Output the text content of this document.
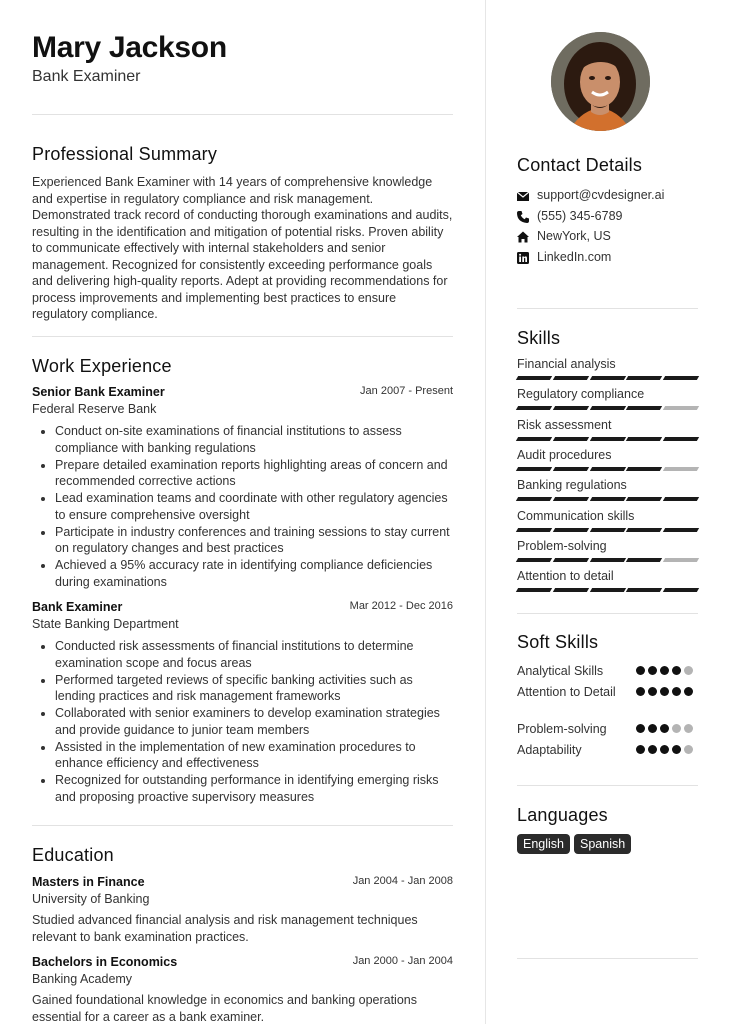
Mary Jackson
Bank Examiner
Professional Summary
Experienced Bank Examiner with 14 years of comprehensive knowledge and expertise in regulatory compliance and risk management. Demonstrated track record of conducting thorough examinations and audits, resulting in the identification and mitigation of potential risks. Proven ability to communicate effectively with internal stakeholders and senior management. Recognized for consistently exceeding performance goals and delivering high-quality reports. Adept at providing recommendations for process improvements and implementing best practices to ensure regulatory compliance.
Work Experience
Senior Bank Examiner	Jan 2007 - Present
Federal Reserve Bank
• Conduct on-site examinations of financial institutions to assess compliance with banking regulations
• Prepare detailed examination reports highlighting areas of concern and recommended corrective actions
• Lead examination teams and coordinate with other regulatory agencies to ensure comprehensive oversight
• Participate in industry conferences and training sessions to stay current on regulatory changes and best practices
• Achieved a 95% accuracy rate in identifying compliance deficiencies during examinations
Bank Examiner	Mar 2012 - Dec 2016
State Banking Department
• Conducted risk assessments of financial institutions to determine examination scope and focus areas
• Performed targeted reviews of specific banking activities such as lending practices and risk management frameworks
• Collaborated with senior examiners to develop examination strategies and provide guidance to junior team members
• Assisted in the implementation of new examination procedures to enhance efficiency and effectiveness
• Recognized for outstanding performance in identifying emerging risks and proposing proactive supervisory measures
Education
Masters in Finance	Jan 2004 - Jan 2008
University of Banking
Studied advanced financial analysis and risk management techniques relevant to bank examination practices.
Bachelors in Economics	Jan 2000 - Jan 2004
Banking Academy
Gained foundational knowledge in economics and banking operations essential for a career as a bank examiner.
Contact Details
support@cvdesigner.ai
(555) 345-6789
NewYork, US
LinkedIn.com
Skills
Financial analysis
Regulatory compliance
Risk assessment
Audit procedures
Banking regulations
Communication skills
Problem-solving
Attention to detail
Soft Skills
Analytical Skills
Attention to Detail
Problem-solving
Adaptability
Languages
English	Spanish
